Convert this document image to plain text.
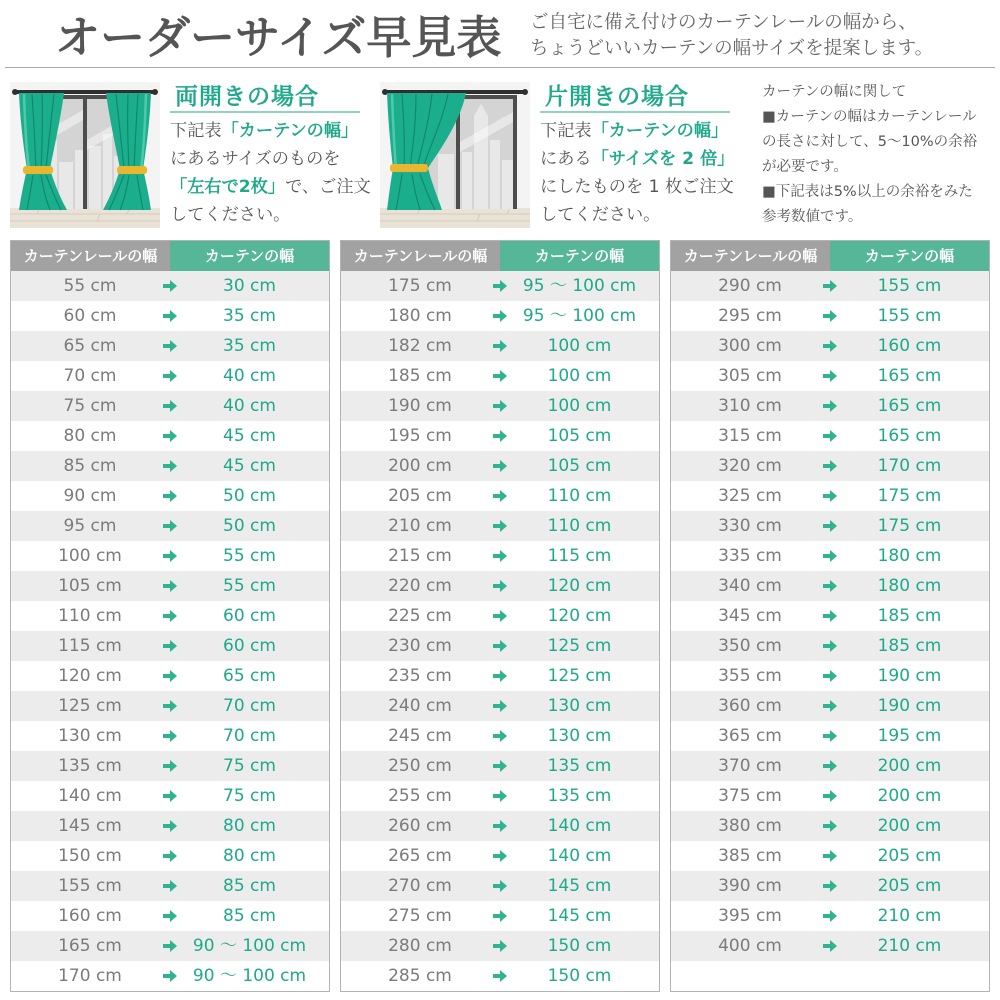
オーダーサイズ早見表 ご自宅に備え付けのカーテンレールの幅から、
ちょうどいいカーテンの幅サイズを提案します。
両開きの場合
下記表「カーテンの幅」
にあるサイズのものを
「左右で2枚」で、ご注文
してください。
片開きの場合
下記表「カーテンの幅」
にある「サイズを 2 倍」
にしたものを 1 枚ご注文
してください。
カーテンの幅に関して
■カーテンの幅はカーテンレール
の長さに対して、5～10%の余裕
が必要です。
■下記表は5%以上の余裕をみた
参考数値です。
カーテンレールの幅	カーテンの幅
55 cm	30 cm
60 cm	35 cm
65 cm	35 cm
70 cm	40 cm
75 cm	40 cm
80 cm	45 cm
85 cm	45 cm
90 cm	50 cm
95 cm	50 cm
100 cm	55 cm
105 cm	55 cm
110 cm	60 cm
115 cm	60 cm
120 cm	65 cm
125 cm	70 cm
130 cm	70 cm
135 cm	75 cm
140 cm	75 cm
145 cm	80 cm
150 cm	80 cm
155 cm	85 cm
160 cm	85 cm
165 cm	90 ～ 100 cm
170 cm	90 ～ 100 cm
カーテンレールの幅	カーテンの幅
175 cm	95 ～ 100 cm
180 cm	95 ～ 100 cm
182 cm	100 cm
185 cm	100 cm
190 cm	100 cm
195 cm	105 cm
200 cm	105 cm
205 cm	110 cm
210 cm	110 cm
215 cm	115 cm
220 cm	120 cm
225 cm	120 cm
230 cm	125 cm
235 cm	125 cm
240 cm	130 cm
245 cm	130 cm
250 cm	135 cm
255 cm	135 cm
260 cm	140 cm
265 cm	140 cm
270 cm	145 cm
275 cm	145 cm
280 cm	150 cm
285 cm	150 cm
カーテンレールの幅	カーテンの幅
290 cm	155 cm
295 cm	155 cm
300 cm	160 cm
305 cm	165 cm
310 cm	165 cm
315 cm	165 cm
320 cm	170 cm
325 cm	175 cm
330 cm	175 cm
335 cm	180 cm
340 cm	180 cm
345 cm	185 cm
350 cm	185 cm
355 cm	190 cm
360 cm	190 cm
365 cm	195 cm
370 cm	200 cm
375 cm	200 cm
380 cm	200 cm
385 cm	205 cm
390 cm	205 cm
395 cm	210 cm
400 cm	210 cm
